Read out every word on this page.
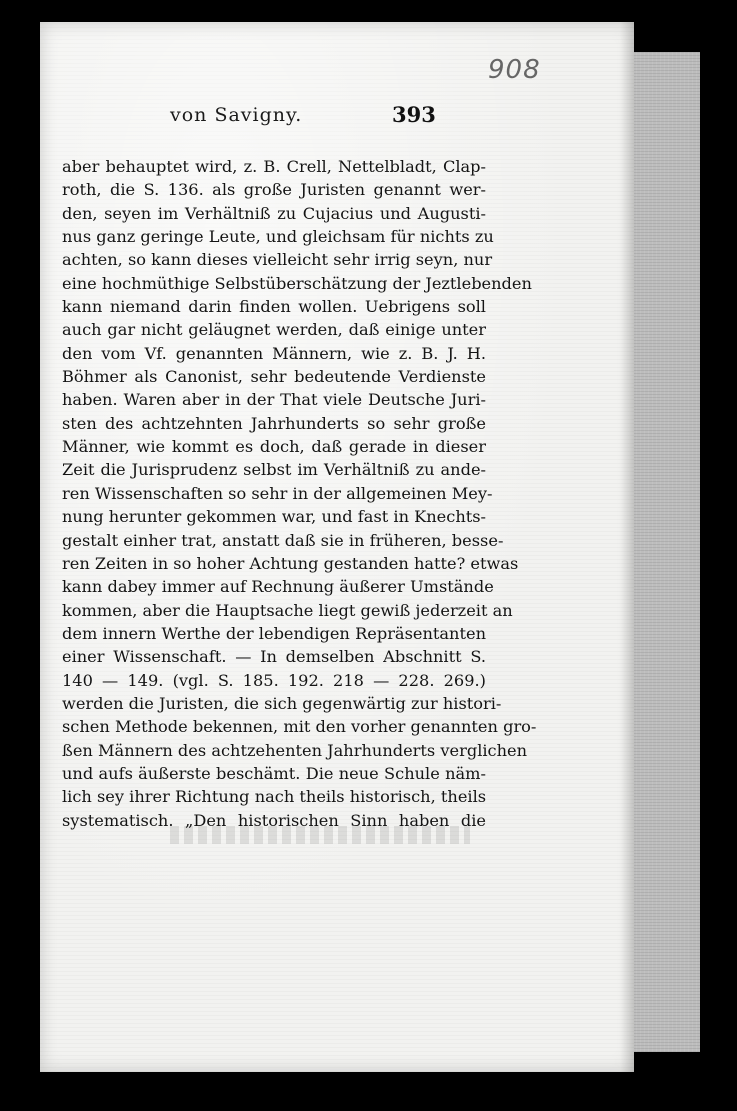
908
von Savigny.	393
aber behauptet wird, z. B. Crell, Nettelbladt, Clap-
roth, die S. 136. als große Juristen genannt wer-
den, seyen im Verhältniß zu Cujacius und Augusti-
nus ganz geringe Leute, und gleichsam für nichts zu
achten, so kann dieses vielleicht sehr irrig seyn, nur
eine hochmüthige Selbstüberschätzung der Jeztlebenden
kann niemand darin finden wollen. Uebrigens soll
auch gar nicht geläugnet werden, daß einige unter
den vom Vf. genannten Männern, wie z. B. J. H.
Böhmer als Canonist, sehr bedeutende Verdienste
haben. Waren aber in der That viele Deutsche Juri-
sten des achtzehnten Jahrhunderts so sehr große
Männer, wie kommt es doch, daß gerade in dieser
Zeit die Jurisprudenz selbst im Verhältniß zu ande-
ren Wissenschaften so sehr in der allgemeinen Mey-
nung herunter gekommen war, und fast in Knechts-
gestalt einher trat, anstatt daß sie in früheren, besse-
ren Zeiten in so hoher Achtung gestanden hatte? etwas
kann dabey immer auf Rechnung äußerer Umstände
kommen, aber die Hauptsache liegt gewiß jederzeit an
dem innern Werthe der lebendigen Repräsentanten
einer Wissenschaft. — In demselben Abschnitt S.
140 — 149. (vgl. S. 185. 192. 218 — 228. 269.)
werden die Juristen, die sich gegenwärtig zur histori-
schen Methode bekennen, mit den vorher genannten gro-
ßen Männern des achtzehenten Jahrhunderts verglichen
und aufs äußerste beschämt. Die neue Schule näm-
lich sey ihrer Richtung nach theils historisch, theils
systematisch. „Den historischen Sinn haben die
